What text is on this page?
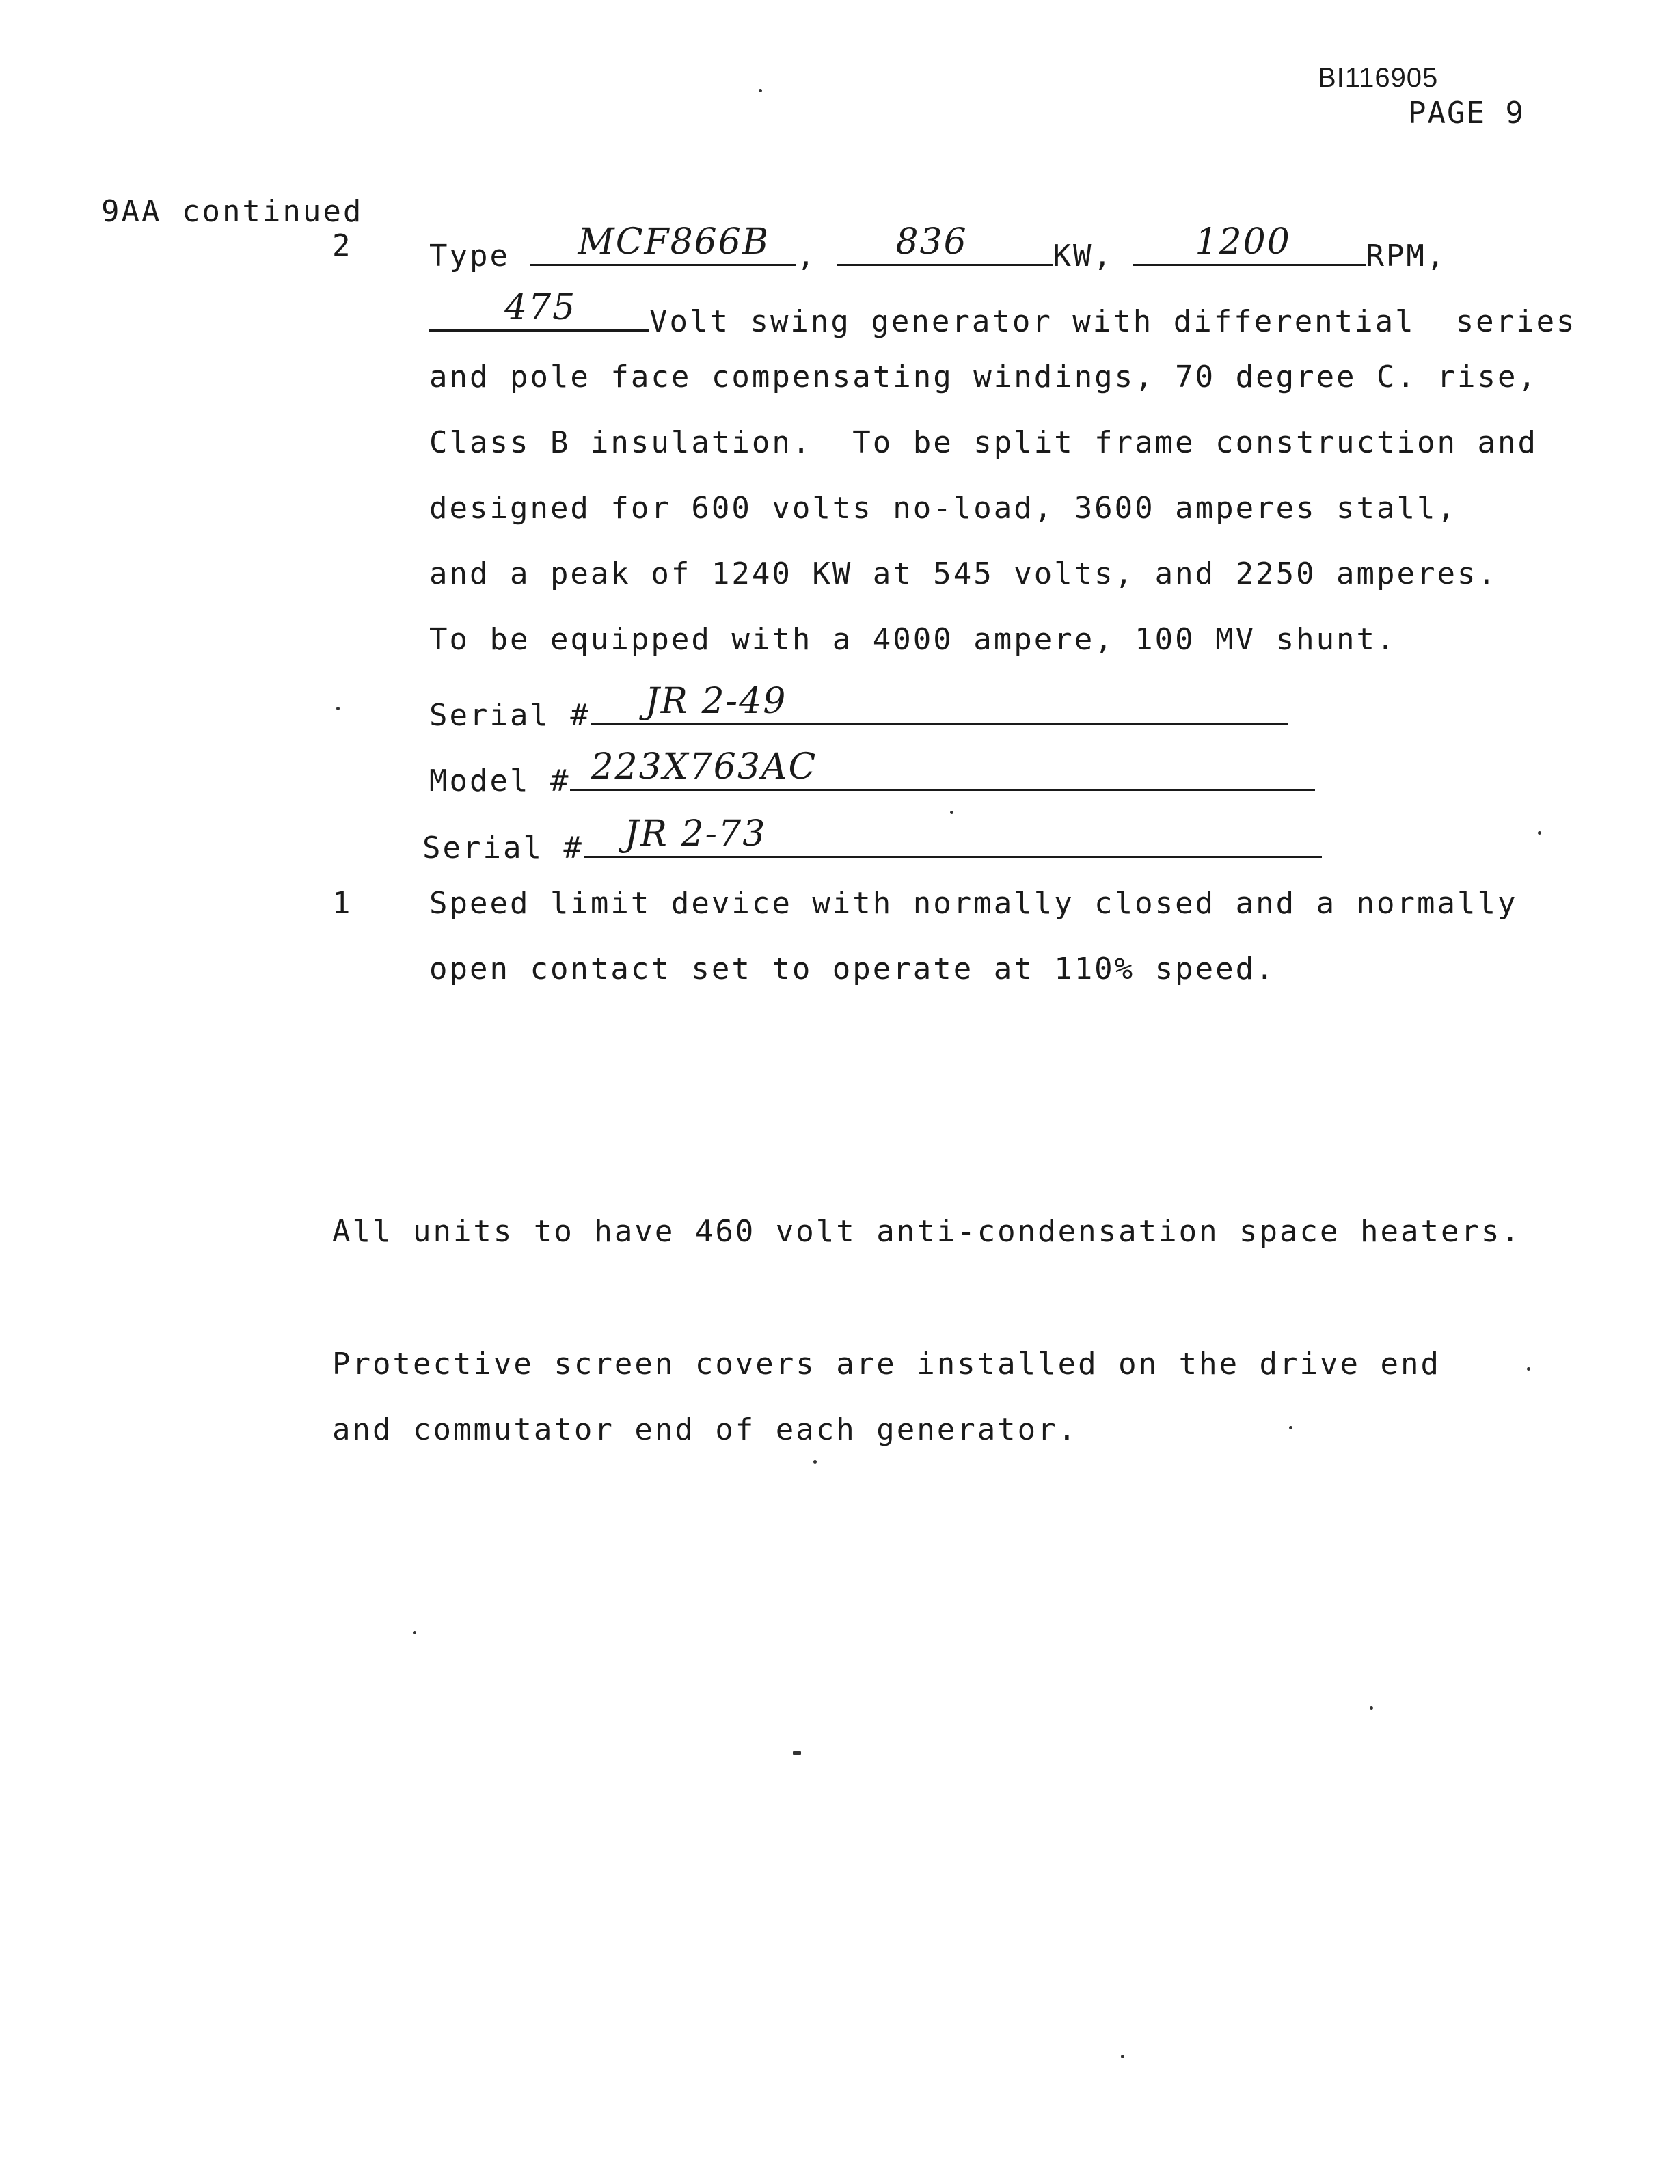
BI116905
PAGE 9
9AA continued
2	Type MCF866B , 836	KW, 1200 RPM,
475 Volt swing generator with differential  series
and pole face compensating windings, 70 degree C. rise,
Class B insulation.  To be split frame construction and
designed for 600 volts no-load, 3600 amperes stall,
and a peak of 1240 KW at 545 volts, and 2250 amperes.
To be equipped with a 4000 ampere, 100 MV shunt.
Serial # JR 2-49
Model # 223X763AC
Serial # JR 2-73
1	Speed limit device with normally closed and a normally
open contact set to operate at 110% speed.
All units to have 460 volt anti-condensation space heaters.
Protective screen covers are installed on the drive end
and commutator end of each generator.
